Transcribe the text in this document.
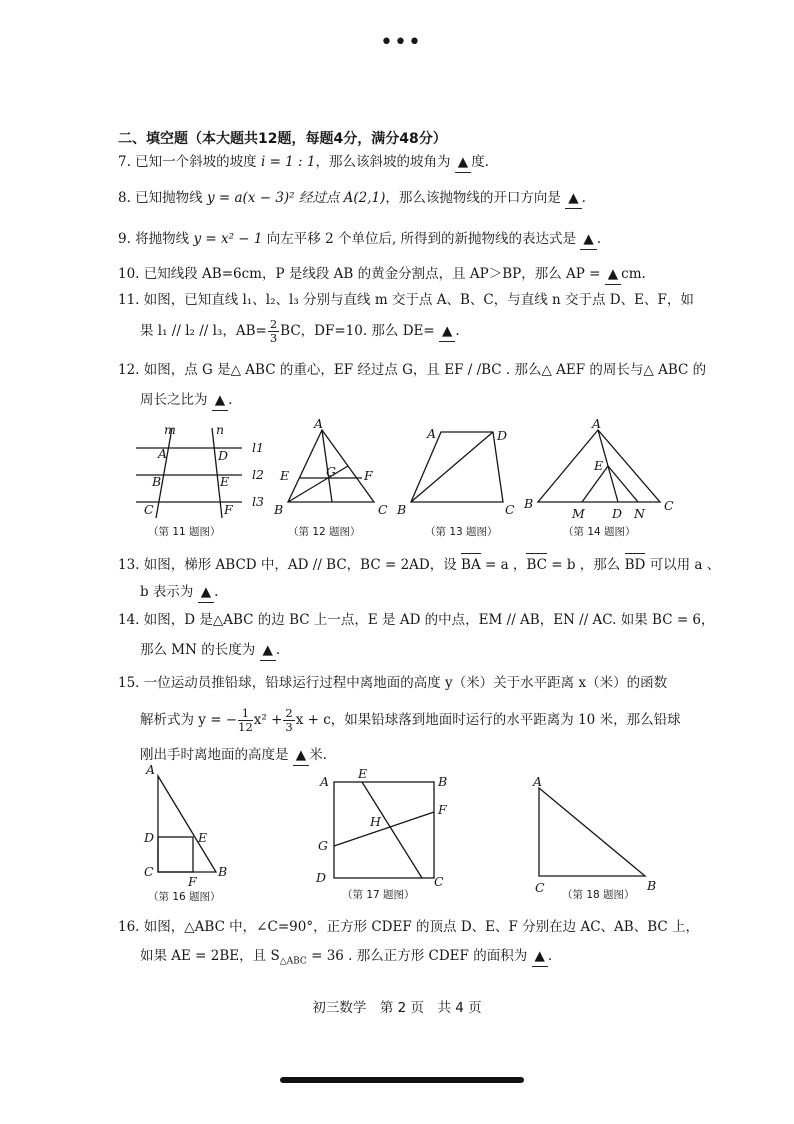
•••
二、填空题（本大题共12题，每题4分，满分48分）
7. 已知一个斜坡的坡度 i = 1 : 1，那么该斜坡的坡角为 ▲ 度.
8. 已知抛物线 y = a(x − 3)² 经过点 A(2,1)，那么该抛物线的开口方向是 ▲ .
9. 将抛物线 y = x² − 1 向左平移 2 个单位后, 所得到的新抛物线的表达式是 ▲ .
10. 已知线段 AB=6cm，P 是线段 AB 的黄金分割点，且 AP＞BP，那么 AP = ▲ cm.
11. 如图，已知直线 l₁、l₂、l₃ 分别与直线 m 交于点 A、B、C，与直线 n 交于点 D、E、F，如
果 l₁ // l₂ // l₃，$AB= \frac{2}{3}$ BC，DF=10. 那么 DE= ▲ .
12. 如图，点 G 是△ ABC 的重心，EF 经过点 G，且 EF / /BC . 那么△ AEF 的周长与△ ABC 的
周长之比为 ▲ .
m	n
A	D
B	E
C	F
l1
l2
l3
（第 11 题图）
A
E	G F
B	C
（第 12 题图）
A	D
B	C
（第 13 题图）
A
E
B
M D N
C
（第 14 题图）
13. 如图，梯形 ABCD 中，AD // BC，BC = 2AD，设 BA = a ，BC = b ，那么 BD 可以用 a 、
b 表示为 ▲ .
14. 如图，D 是△ABC 的边 BC 上一点，E 是 AD 的中点，EM // AB，EN // AC. 如果 BC = 6，
那么 MN 的长度为 ▲ .
15. 一位运动员推铅球，铅球运行过程中离地面的高度 y（米）关于水平距离 x（米）的函数
解析式为 y = − $\frac{1}{12} x^2 + \frac{2}{3}$ x + c，如果铅球落到地面时运行的水平距离为 10 米，那么铅球
刚出手时离地面的高度是 ▲ 米.
A
D	E
C
F
B
（第 16 题图）
A
E
B
F
H
G
D	C
（第 17 题图）
A
C	B
（第 18 题图）
16. 如图，△ABC 中，∠C=90°，正方形 CDEF 的顶点 D、E、F 分别在边 AC、AB、BC 上，
如果 AE = 2BE，且 $S_{\triangle ABC} = 36$ . 那么正方形 CDEF 的面积为 ▲ .
初三数学　第 2 页　共 4 页
